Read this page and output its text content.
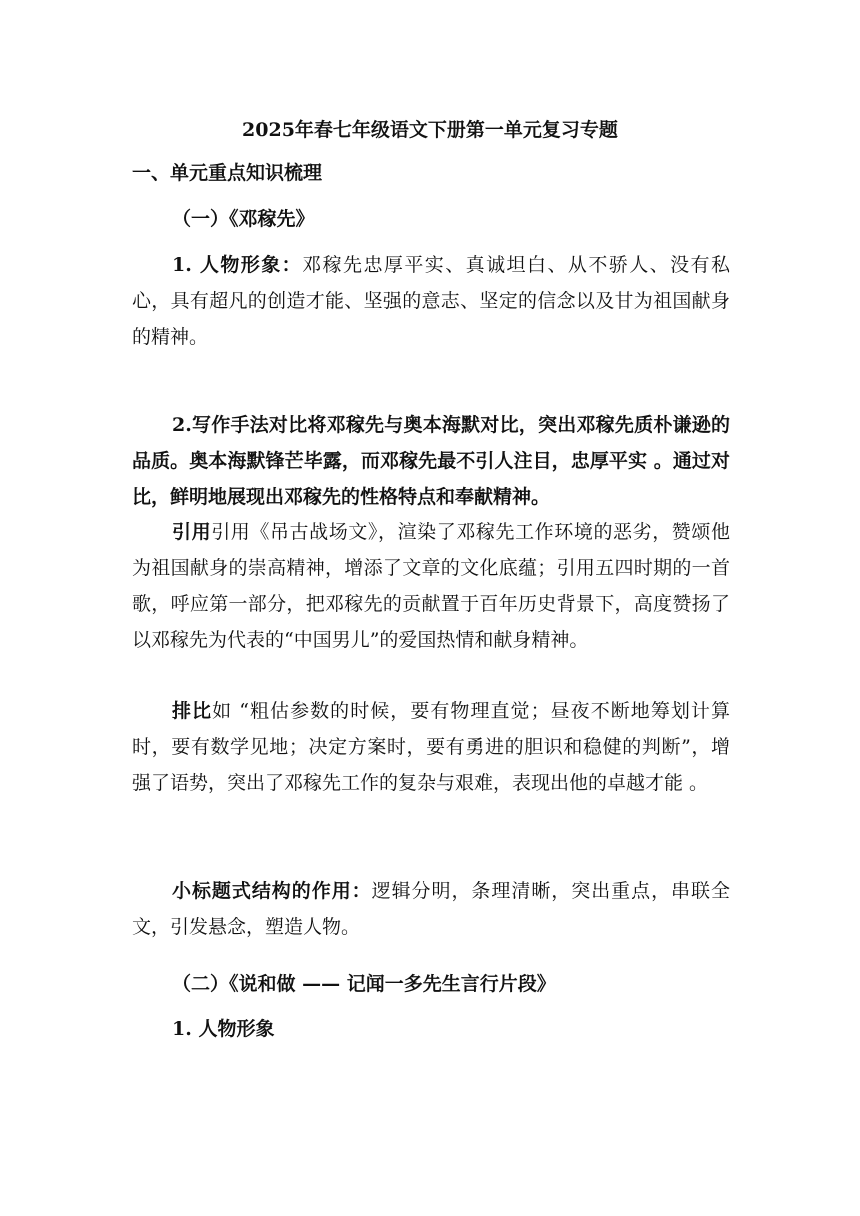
2025年春七年级语文下册第一单元复习专题
一、单元重点知识梳理
（一）《邓稼先》
1. 人物形象：邓稼先忠厚平实、真诚坦白、从不骄人、没有私心，具有超凡的创造才能、坚强的意志、坚定的信念以及甘为祖国献身的精神。
2.写作手法对比将邓稼先与奥本海默对比，突出邓稼先质朴谦逊的品质。奥本海默锋芒毕露，而邓稼先最不引人注目，忠厚平实 。通过对比，鲜明地展现出邓稼先的性格特点和奉献精神。
引用引用《吊古战场文》，渲染了邓稼先工作环境的恶劣，赞颂他为祖国献身的崇高精神，增添了文章的文化底蕴；引用五四时期的一首歌，呼应第一部分，把邓稼先的贡献置于百年历史背景下，高度赞扬了以邓稼先为代表的“中国男儿”的爱国热情和献身精神。
排比如 “粗估参数的时候，要有物理直觉；昼夜不断地筹划计算时，要有数学见地；决定方案时，要有勇进的胆识和稳健的判断”，增强了语势，突出了邓稼先工作的复杂与艰难，表现出他的卓越才能 。
小标题式结构的作用：逻辑分明，条理清晰，突出重点，串联全文，引发悬念，塑造人物。
（二）《说和做 —— 记闻一多先生言行片段》
1. 人物形象
